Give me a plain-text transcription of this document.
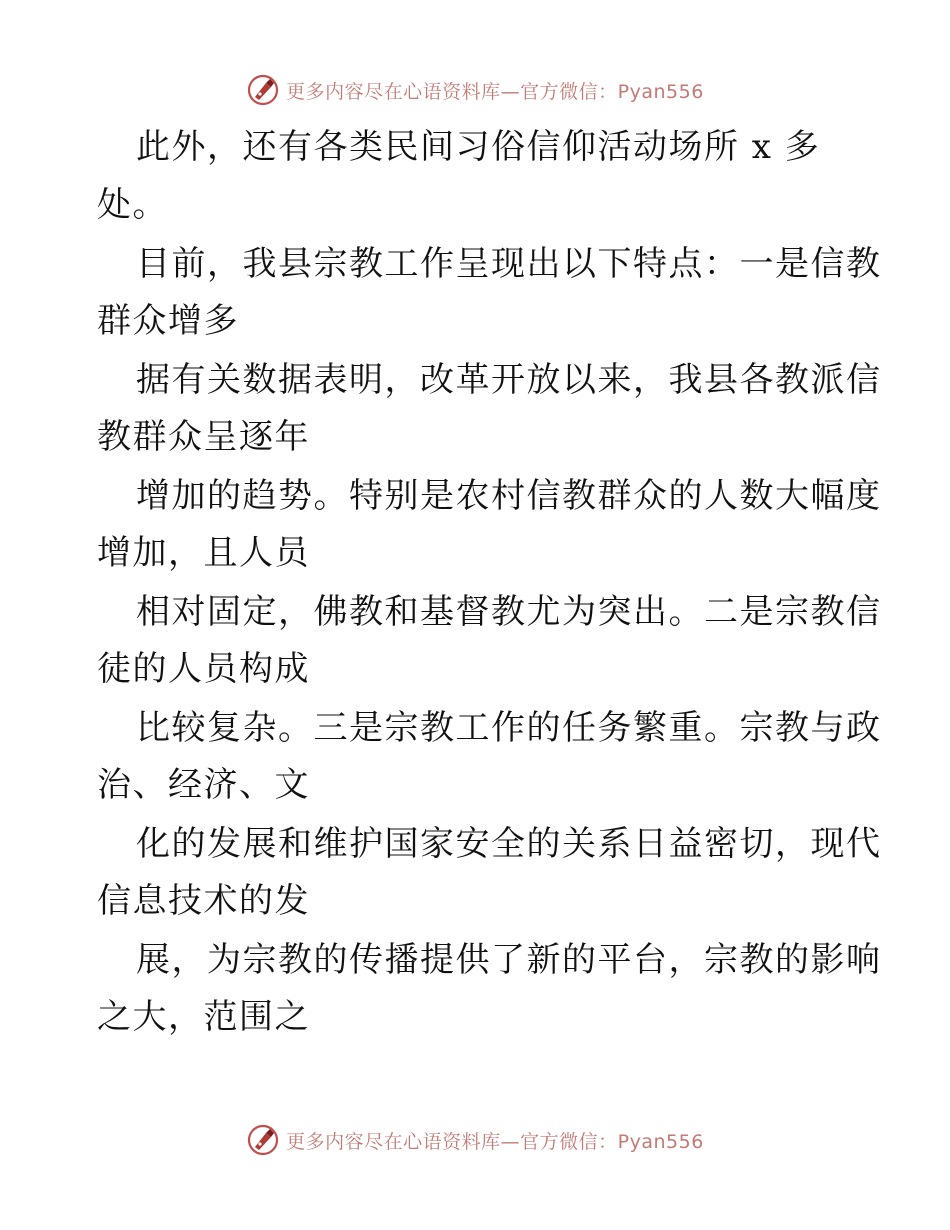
更多内容尽在心语资料库—官方微信：Pyan556
此外，还有各类民间习俗信仰活动场所 x 多
处。
目前，我县宗教工作呈现出以下特点：一是信教
群众增多
据有关数据表明，改革开放以来，我县各教派信
教群众呈逐年
增加的趋势。特别是农村信教群众的人数大幅度
增加，且人员
相对固定，佛教和基督教尤为突出。二是宗教信
徒的人员构成
比较复杂。三是宗教工作的任务繁重。宗教与政
治、经济、文
化的发展和维护国家安全的关系日益密切，现代
信息技术的发
展，为宗教的传播提供了新的平台，宗教的影响
之大，范围之
更多内容尽在心语资料库—官方微信：Pyan556
